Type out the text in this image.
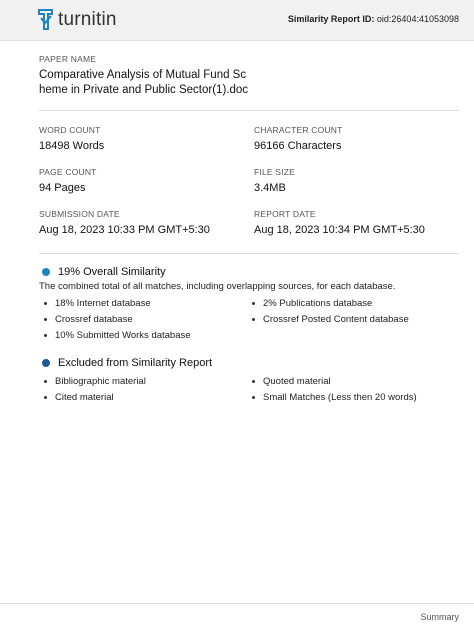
turnitin	Similarity Report ID: oid:26404:41053098
PAPER NAME
Comparative Analysis of Mutual Fund Sc
heme in Private and Public Sector(1).doc
WORD COUNT
18498 Words
CHARACTER COUNT
96166 Characters
PAGE COUNT
94 Pages
FILE SIZE
3.4MB
SUBMISSION DATE
Aug 18, 2023 10:33 PM GMT+5:30
REPORT DATE
Aug 18, 2023 10:34 PM GMT+5:30
19% Overall Similarity
The combined total of all matches, including overlapping sources, for each database.
18% Internet database	2% Publications database
Crossref database	Crossref Posted Content database
10% Submitted Works database
Excluded from Similarity Report
Bibliographic material	Quoted material
Cited material	Small Matches (Less then 20 words)
Summary
